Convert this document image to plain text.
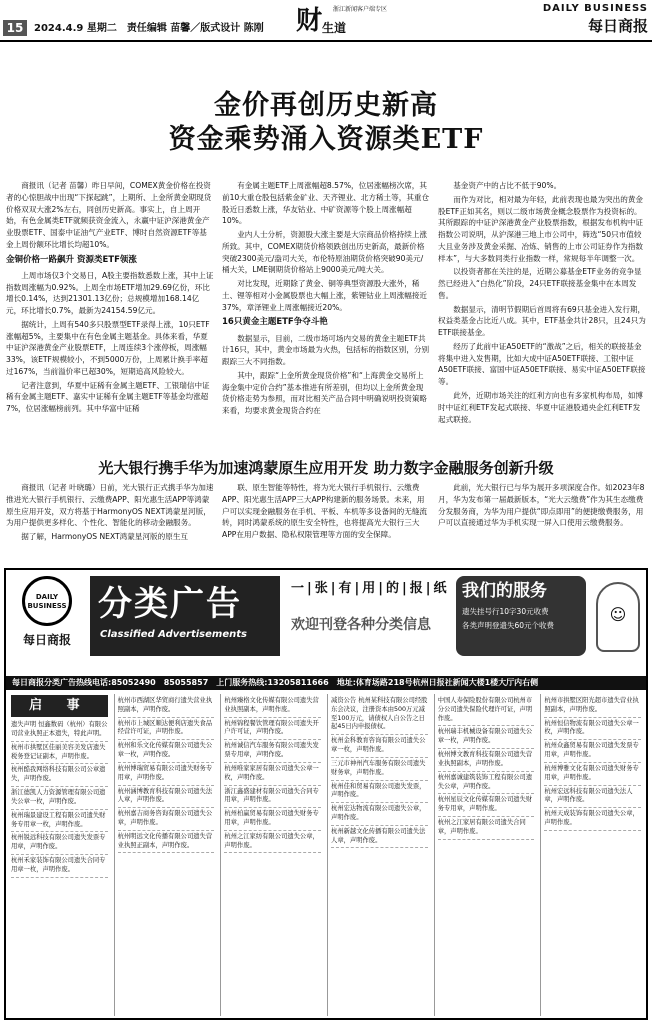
15	2024.4.9 星期二　责任编辑 苗馨／版式设计 陈刚
浙江新闻客户端专区
财 生道
DAILY BUSINESS
每日商报
金价再创历史新高
资金乘势涌入资源类ETF

商报讯（记者 苗馨）昨日早间，COMEX黄金价格在投资者的心惊胆战中出现“下探起跳”，上期所、上金所黄金期现货价格双双大涨2%左右，同创历史新高。事实上，自上周开始，有色金属类ETF就频获资金流入，永赢中证沪深港黄金产业股票ETF、国泰中证油气产业ETF、博时自然资源ETF等基金上周份额环比增长均超10%。

金铜价格一路飙升 资源类ETF领涨

上周市场仅3个交易日，A股主要指数悉数上涨，其中上证指数周涨幅为0.92%。上周全市场ETF增加29.69亿份，环比增长0.14%，达到21301.13亿份；总规模增加168.14亿元，环比增长0.7%，最新为24154.59亿元。

据统计，上周有540多只股票型ETF录得上涨，10只ETF涨幅超5%，主要集中在有色金属主题基金。具体来看，华夏中证沪深港黄金产业股票ETF，上周连续3个涨停板，周涨幅33%，该ETF规模较小，不到5000万份，上周累计换手率超过167%，当前溢价率已超30%，短期追高风险较大。

记者注意到，华夏中证稀有金属主题ETF、工银瑞信中证稀有金属主题ETF、嘉实中证稀有金属主题ETF等基金均涨超7%，位居涨幅榜前列。其中华富中证稀

有金属主题ETF上周涨幅超8.57%，位居涨幅榜次席，其前10大重仓股包括紫金矿业、天齐锂业、北方稀土等，其重仓股近日悉数上涨，华友钴业、中矿资源等个股上周涨幅超10%。

业内人士分析，资源股大涨主要是大宗商品价格持续上涨所致。其中，COMEX期货价格领跌创出历史新高，最新价格突破2300美元/盎司大关，布伦特原油期货价格突破90美元/桶大关，LME铜期货价格站上9000美元/吨大关。

对比发现，近期除了黄金、铜等典型资源股大涨外，稀土、锂等相对小金属股票也大幅上涨，紫锂钴业上周涨幅接近37%，章泽锂业上周涨幅接近20%。

16只黄金主题ETF争夺斗艳

数据显示，目前，二级市场可场内交易的黄金主题ETF共计16只，其中，黄金市场最为火热，包括标的指数区别，分别跟踪三大不同指数。

其中，跟踪“上金所黄金现货价格”和“上海黄金交易所上海金集中定价合约”基本推进有所差别，但均以上金所黄金现货价格走势为参照，而对比相关产品合同中明确说明投资策略来看，均要求黄金现货合约在

基金资产中的占比不低于90%。

而作为对比，相对最为年轻，此前表现也最为突出的黄金股ETF正如其名，则以二级市场黄金概念股票作为投资标的。其所跟踪的中证沪深港黄金产业股票指数，根据发布机构中证指数公司说明，从沪深港三地上市公司中，筛选“50只市值较大且业务涉及黄金采掘、冶炼、销售的上市公司证券作为指数样本”，与大多数同类行业指数一样，常规每半年调整一次。

以投资者都在关注的是，近期公募基金ETF业务的竞争显然已经进入“白热化”阶段，24只ETF联接基金集中在本周发售。

数据显示，清明节假期后首周将有69只基金进入发行期，权益类基金占比近八成。其中，ETF基金共计28只，且24只为ETF联接基金。

经历了此前中证A50ETF的“激战”之后，相关的联接基金将集中进入发售期，比如大成中证A50ETF联接、工银中证A50ETF联接、富国中证A50ETF联接、易实中证A50ETF联接等。

此外，近期市场关注的红利方向也有多家机构布局，如博时中证红利ETF发起式联接、华夏中证港股通央企红利ETF发起式联接。

光大银行携手华为加速鸿蒙原生应用开发 助力数字金融服务创新升级

商报讯（记者 叶晓璐）日前，光大银行正式携手华为加速推进光大银行手机银行、云缴费APP、阳光惠生活APP等鸿蒙原生应用开发，双方将基于HarmonyOS NEXT鸿蒙星河版，为用户提供更多样化、个性化、智能化的移动金融服务。

据了解，HarmonyOS NEXT鸿蒙星河版的原生互

联、原生智能等特性，将为光大银行手机银行、云缴费APP、阳光惠生活APP三大APP构建新的服务场景。未来，用户可以实现金融服务在手机、平板、车机等多设备间的无缝流转，同时鸿蒙系统的原生安全特性，也将提高光大银行三大APP在用户数据、隐私权限管理等方面的安全保障。

此前，光大银行已与华为展开多项深度合作。如2023年8月，华为发布第一届最新版本，“光大云缴费”作为其生态缴费分发服务商，为华为用户提供“即点即用”的便捷缴费服务，用户可以直接通过华为手机实现一屏入口使用云缴费服务。

DAILY BUSINESS
每日商报
分类广告
Classified Advertisements
一|张|有|用|的|报|纸
欢迎刊登各种分类信息
我们的服务
遗失挂号行10字30元收费
各类声明登遗失60元个收费
☺
每日商报分类广告热线电话:85052490　85055857　上门服务热线:13205811666　地址:体育场路218号杭州日报社新闻大楼1楼大厅内右侧
启 事
遗失声明 恒鑫数码（杭州）有限公司营业执照正本遗失，特此声明。
杭州市拱墅区佳丽美容美发店遗失税务登记证副本，声明作废。
杭州酷我网络科技有限公司公章遗失，声明作废。
浙江德凯人力资源管理有限公司遗失公章一枚，声明作废。
杭州瑞景建设工程有限公司遗失财务专用章一枚，声明作废。
杭州锐远科技有限公司遗失发票专用章，声明作废。
杭州禾家装饰有限公司遗失合同专用章一枚，声明作废。
杭州市西湖区华贸商行遗失营业执照副本，声明作废。
杭州市上城区顺达便利店遗失食品经营许可证，声明作废。
杭州和乐文化传媒有限公司遗失公章一枚，声明作废。
杭州博瑞贸易有限公司遗失财务专用章，声明作废。
杭州涵博教育科技有限公司遗失法人章，声明作废。
杭州嘉吉商务咨询有限公司遗失公章，声明作废。
杭州明远文化传播有限公司遗失营业执照正副本，声明作废。
杭州臻格文化传媒有限公司遗失营业执照副本，声明作废。
杭州锦程餐饮管理有限公司遗失开户许可证，声明作废。
杭州诚信汽车服务有限公司遗失发票专用章，声明作废。
杭州唯家家居有限公司遗失公章一枚，声明作废。
浙江鑫盛建材有限公司遗失合同专用章，声明作废。
杭州柏赢贸易有限公司遗失财务专用章，声明作废。
杭州之江家纺有限公司遗失公章，声明作废。
减资公告 杭州某科技有限公司经股东会决议，注册资本由500万元减至100万元，请债权人自公告之日起45日内申报债权。
杭州金科教育咨询有限公司遗失公章一枚，声明作废。
三元市神州汽车服务有限公司遗失财务章，声明作废。
杭州佳和贸易有限公司遗失发票，声明作废。
杭州宏达物流有限公司遗失公章，声明作废。
杭州新越文化传播有限公司遗失法人章，声明作废。
中国人寿保险股份有限公司杭州市分公司遗失保险代理许可证，声明作废。
杭州瑞丰机械设备有限公司遗失公章一枚，声明作废。
杭州博文教育科技有限公司遗失营业执照副本，声明作废。
杭州嘉诚建筑装饰工程有限公司遗失公章，声明作废。
杭州星辰文化传媒有限公司遗失财务专用章，声明作废。
杭州之江家居有限公司遗失合同章，声明作废。
杭州市拱墅区阳光超市遗失营业执照副本，声明作废。
杭州恒信物流有限公司遗失公章一枚，声明作废。
杭州众鑫贸易有限公司遗失发票专用章，声明作废。
杭州博雅文化有限公司遗失财务专用章，声明作废。
杭州宏远科技有限公司遗失法人章，声明作废。
杭州天成装饰有限公司遗失公章，声明作废。
